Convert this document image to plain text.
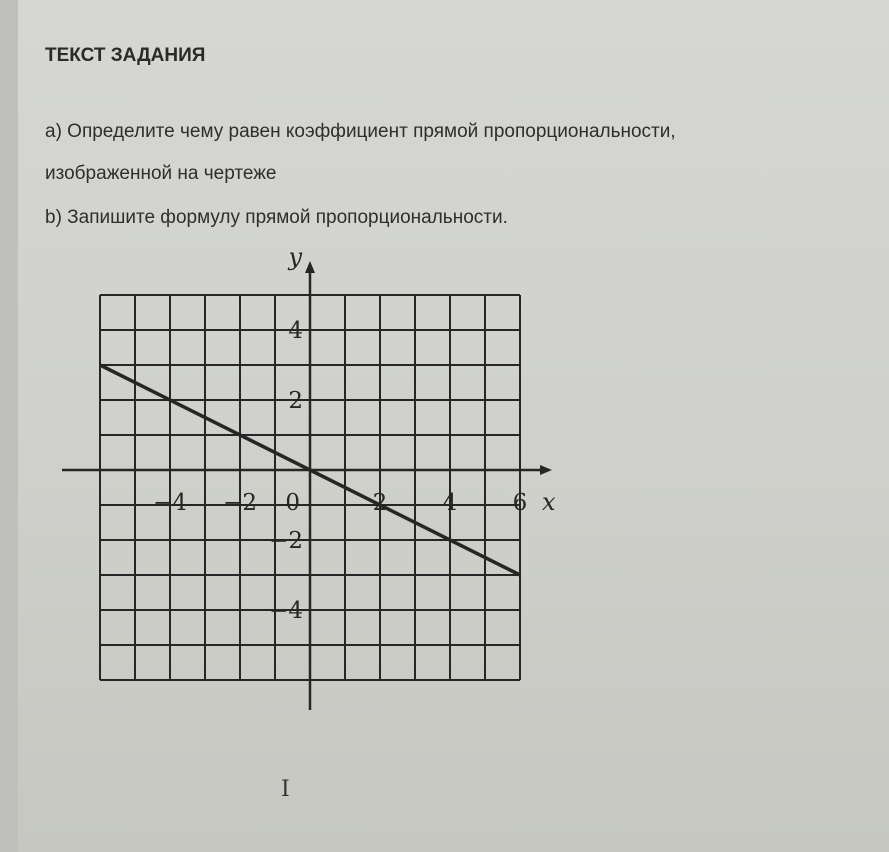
ТЕКСТ ЗАДАНИЯ
a) Определите чему равен коэффициент прямой пропорциональности,
изображенной на чертеже
b) Запишите формулу прямой пропорциональности.
−4 −2	2 4 6
4
2
−2
−4
0	x
y
I
